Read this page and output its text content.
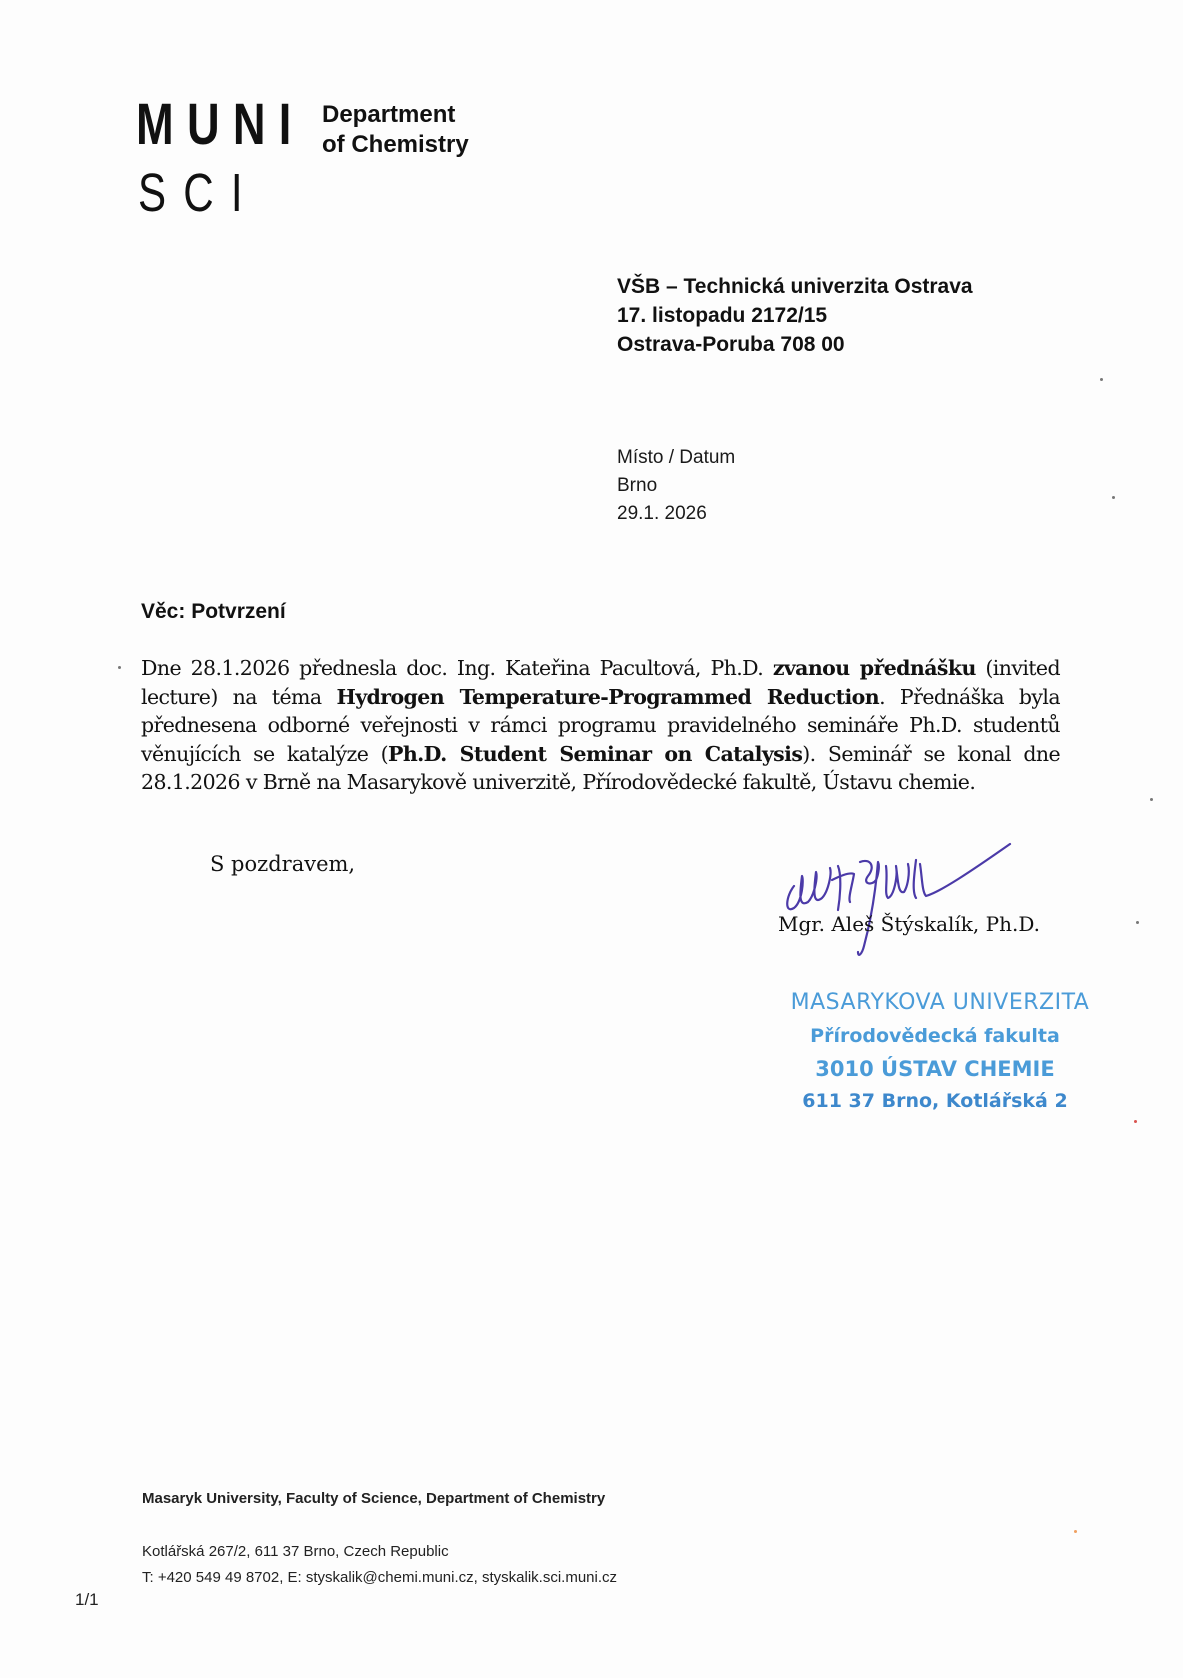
MUNI
SCI
Department
of Chemistry
VŠB – Technická univerzita Ostrava
17. listopadu 2172/15
Ostrava-Poruba 708 00
Místo / Datum
Brno
29.1. 2026
Věc: Potvrzení
Dne 28.1.2026 přednesla doc. Ing. Kateřina Pacultová, Ph.D. zvanou přednášku (invited lecture) na téma Hydrogen Temperature-Programmed Reduction. Přednáška byla přednesena odborné veřejnosti v rámci programu pravidelného semináře Ph.D. studentů věnujících se katalýze (Ph.D. Student Seminar on Catalysis). Seminář se konal dne 28.1.2026 v Brně na Masarykově univerzitě, Přírodovědecké fakultě, Ústavu chemie.
S pozdravem,
Mgr. Aleš Štýskalík, Ph.D.
MASARYKOVA UNIVERZITA
Přírodovědecká fakulta
3010 ÚSTAV CHEMIE
611 37 Brno, Kotlářská 2
Masaryk University, Faculty of Science, Department of Chemistry
Kotlářská 267/2, 611 37 Brno, Czech Republic
T: +420 549 49 8702, E: styskalik@chemi.muni.cz, styskalik.sci.muni.cz
1/1
